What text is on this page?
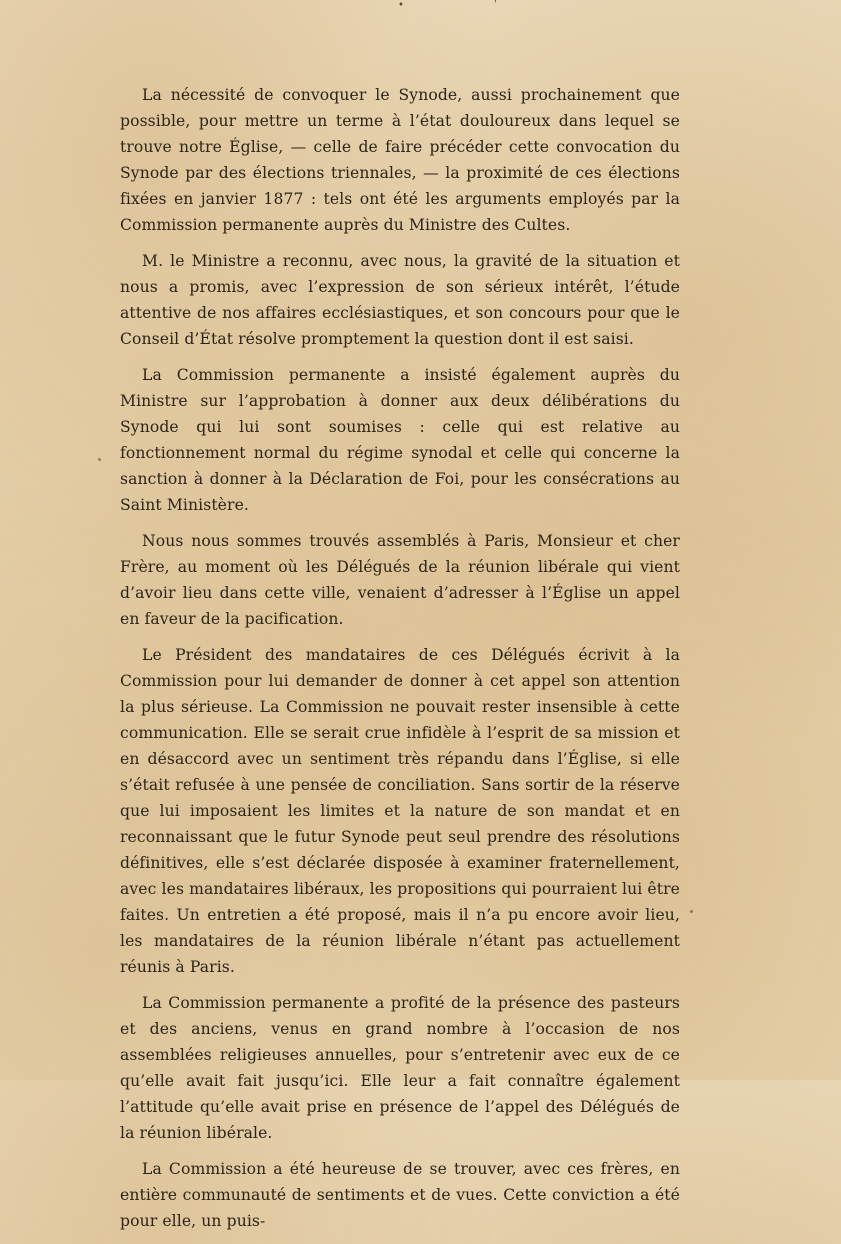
•	ʹ

La nécessité de convoquer le Synode, aussi prochainement que possible, pour mettre un terme à l’état douloureux dans lequel se trouve notre Église, — celle de faire précéder cette convocation du Synode par des élections triennales, — la proximité de ces élections fixées en janvier 1877 : tels ont été les arguments employés par la Commission permanente auprès du Ministre des Cultes.

M. le Ministre a reconnu, avec nous, la gravité de la situation et nous a promis, avec l’expression de son sérieux intérêt, l’étude attentive de nos affaires ecclésiastiques, et son concours pour que le Conseil d’État résolve promptement la question dont il est saisi.

La Commission permanente a insisté également auprès du Ministre sur l’approbation à donner aux deux délibérations du Synode qui lui sont soumises : celle qui est relative au fonctionnement normal du régime synodal et celle qui concerne la sanction à donner à la Déclaration de Foi, pour les consécrations au Saint Ministère.

Nous nous sommes trouvés assemblés à Paris, Monsieur et cher Frère, au moment où les Délégués de la réunion libérale qui vient d’avoir lieu dans cette ville, venaient d’adresser à l’Église un appel en faveur de la pacification.

Le Président des mandataires de ces Délégués écrivit à la Commission pour lui demander de donner à cet appel son attention la plus sérieuse. La Commission ne pouvait rester insensible à cette communication. Elle se serait crue infidèle à l’esprit de sa mission et en désaccord avec un sentiment très répandu dans l’Église, si elle s’était refusée à une pensée de conciliation. Sans sortir de la réserve que lui imposaient les limites et la nature de son mandat et en reconnaissant que le futur Synode peut seul prendre des résolutions définitives, elle s’est déclarée disposée à examiner fraternellement, avec les mandataires libéraux, les propositions qui pourraient lui être faites. Un entretien a été proposé, mais il n’a pu encore avoir lieu, les mandataires de la réunion libérale n’étant pas actuellement réunis à Paris.

La Commission permanente a profité de la présence des pasteurs et des anciens, venus en grand nombre à l’occasion de nos assemblées religieuses annuelles, pour s’entretenir avec eux de ce qu’elle avait fait jusqu’ici. Elle leur a fait connaître également l’attitude qu’elle avait prise en présence de l’appel des Délégués de la réunion libérale.

La Commission a été heureuse de se trouver, avec ces frères, en entière communauté de sentiments et de vues. Cette conviction a été pour elle, un puis-
